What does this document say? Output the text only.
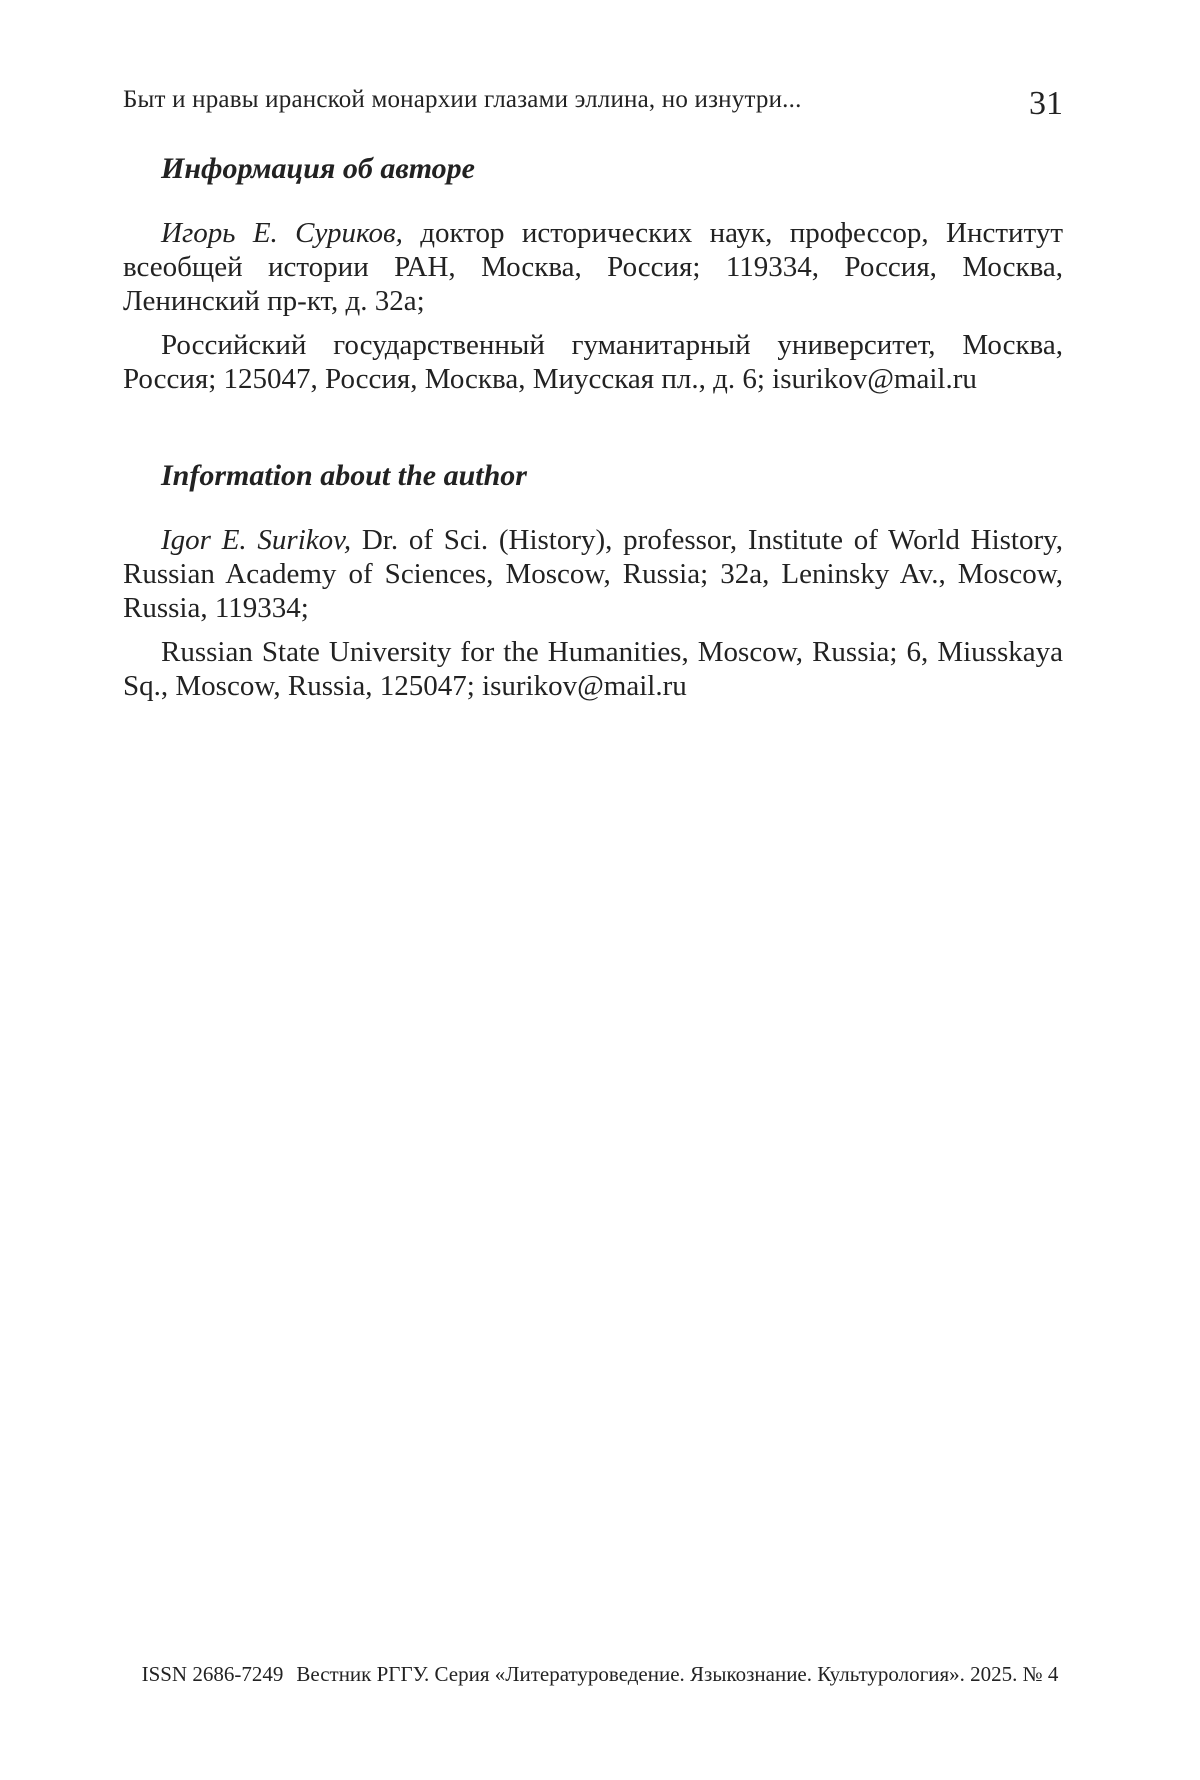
Быт и нравы иранской монархии глазами эллина, но изнутри...	31
Информация об авторе

Игорь Е. Суриков, доктор исторических наук, профессор, Институт всеобщей истории РАН, Москва, Россия; 119334, Россия, Москва, Ленинский пр-кт, д. 32а;

Российский государственный гуманитарный университет, Москва, Россия; 125047, Россия, Москва, Миусская пл., д. 6; isurikov@mail.ru

Information about the author

Igor E. Surikov, Dr. of Sci. (History), professor, Institute of World History, Russian Academy of Sciences, Moscow, Russia; 32a, Leninsky Av., Moscow, Russia, 119334;

Russian State University for the Humanities, Moscow, Russia; 6, Miusskaya Sq., Moscow, Russia, 125047; isurikov@mail.ru

ISSN 2686-7249 Вестник РГГУ. Серия «Литературоведение. Языкознание. Культурология». 2025. № 4
